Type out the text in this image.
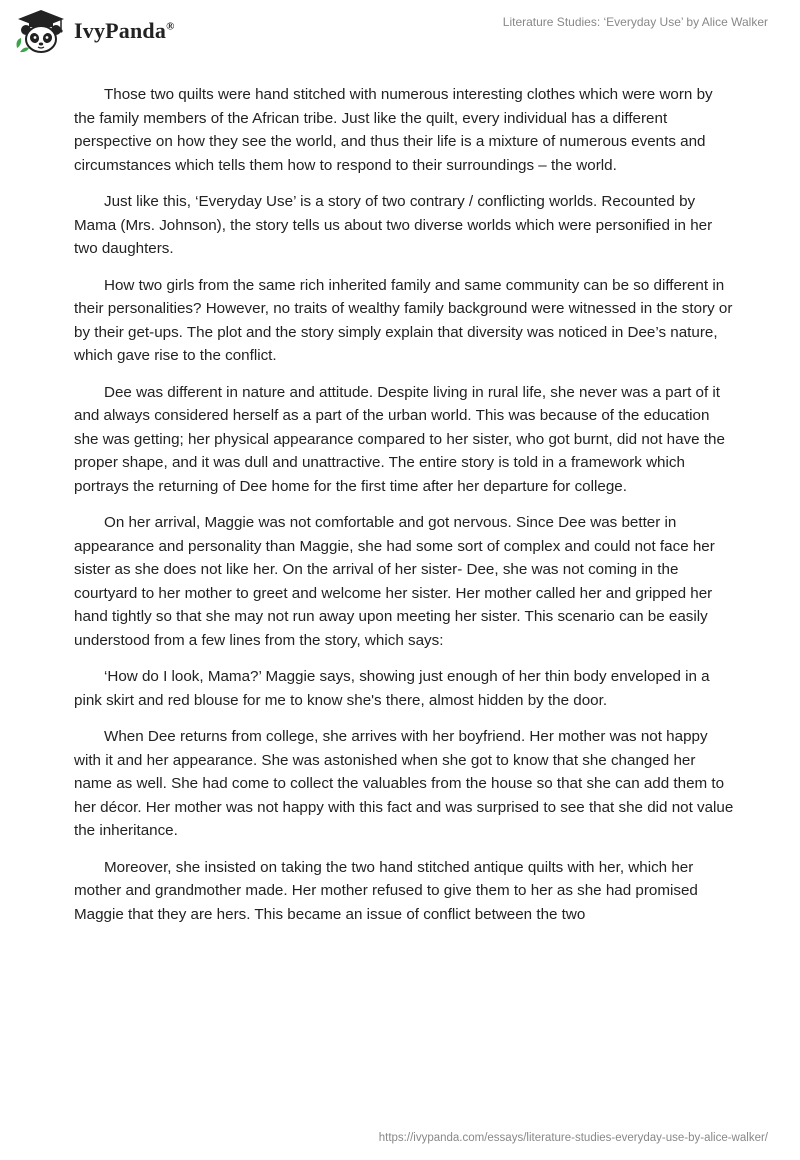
IvyPanda®	Literature Studies: ‘Everyday Use’ by Alice Walker

Those two quilts were hand stitched with numerous interesting clothes which were worn by the family members of the African tribe. Just like the quilt, every individual has a different perspective on how they see the world, and thus their life is a mixture of numerous events and circumstances which tells them how to respond to their surroundings – the world.

Just like this, ‘Everyday Use’ is a story of two contrary / conflicting worlds. Recounted by Mama (Mrs. Johnson), the story tells us about two diverse worlds which were personified in her two daughters.

How two girls from the same rich inherited family and same community can be so different in their personalities? However, no traits of wealthy family background were witnessed in the story or by their get-ups. The plot and the story simply explain that diversity was noticed in Dee’s nature, which gave rise to the conflict.

Dee was different in nature and attitude. Despite living in rural life, she never was a part of it and always considered herself as a part of the urban world. This was because of the education she was getting; her physical appearance compared to her sister, who got burnt, did not have the proper shape, and it was dull and unattractive. The entire story is told in a framework which portrays the returning of Dee home for the first time after her departure for college.

On her arrival, Maggie was not comfortable and got nervous. Since Dee was better in appearance and personality than Maggie, she had some sort of complex and could not face her sister as she does not like her. On the arrival of her sister- Dee, she was not coming in the courtyard to her mother to greet and welcome her sister. Her mother called her and gripped her hand tightly so that she may not run away upon meeting her sister. This scenario can be easily understood from a few lines from the story, which says:

‘How do I look, Mama?’ Maggie says, showing just enough of her thin body enveloped in a pink skirt and red blouse for me to know she's there, almost hidden by the door.

When Dee returns from college, she arrives with her boyfriend. Her mother was not happy with it and her appearance. She was astonished when she got to know that she changed her name as well. She had come to collect the valuables from the house so that she can add them to her décor. Her mother was not happy with this fact and was surprised to see that she did not value the inheritance.

Moreover, she insisted on taking the two hand stitched antique quilts with her, which her mother and grandmother made. Her mother refused to give them to her as she had promised Maggie that they are hers. This became an issue of conflict between the two

https://ivypanda.com/essays/literature-studies-everyday-use-by-alice-walker/
